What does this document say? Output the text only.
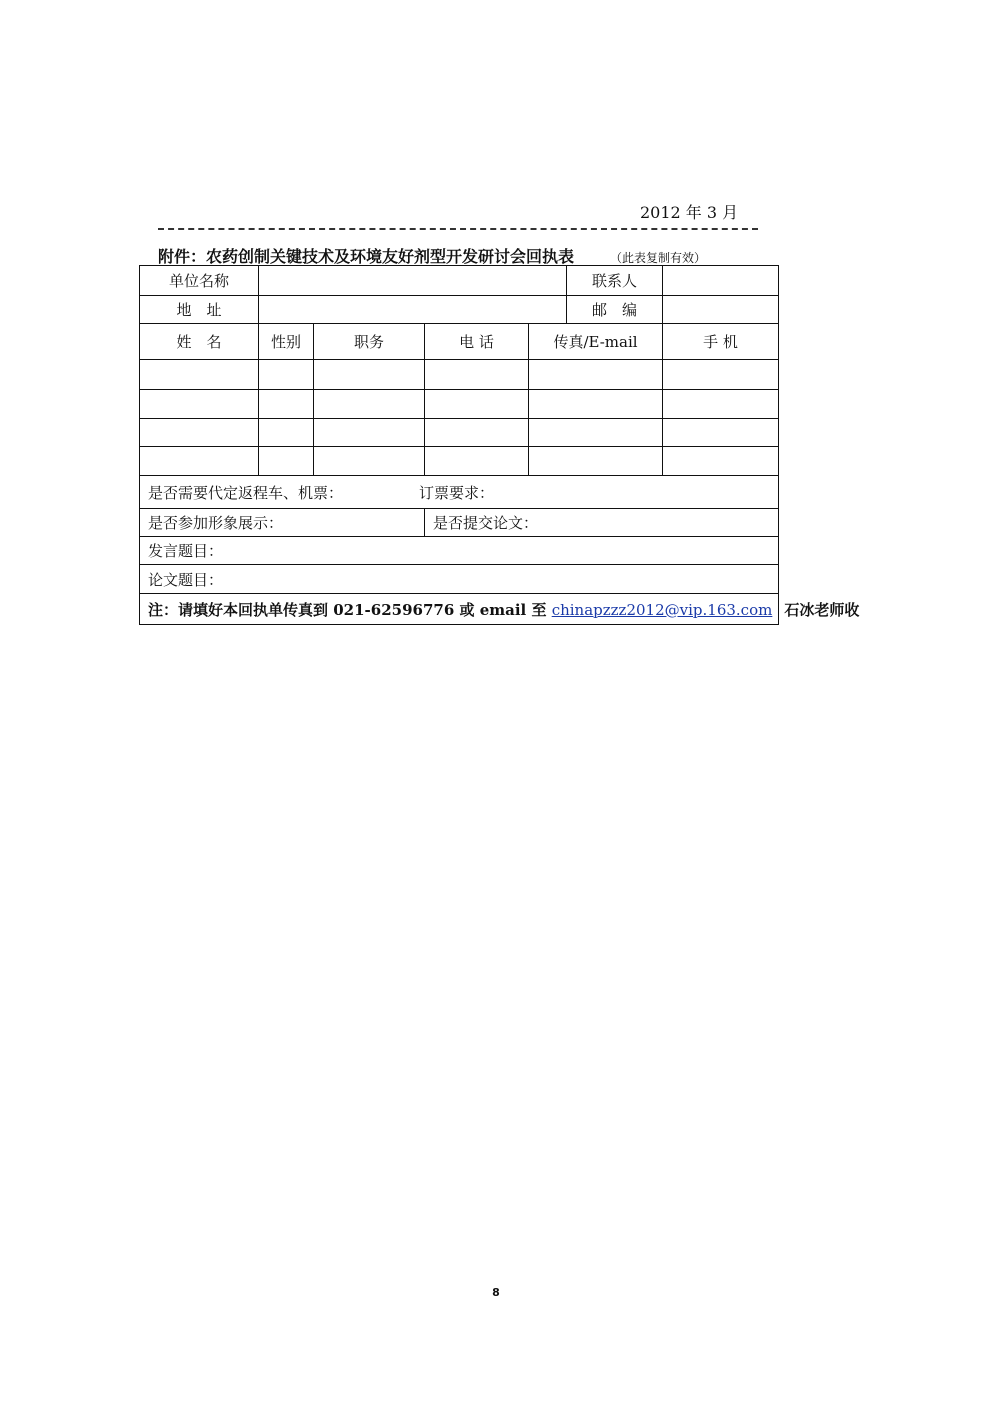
2012 年 3 月
附件：农药创制关键技术及环境友好剂型开发研讨会回执表	（此表复制有效）
单位名称					联系人	
地　址					邮　编	
姓　名	性别	职务	电 话	传真/E-mail		手 机

是否需要代定返程车、机票： 订票要求：						
是否参加形象展示：			是否提交论文：			
发言题目：						
论文题目：						
注：请填好本回执单传真到 021-62596776 或 email 至 chinapzzz2012@vip.163.com 石冰老师收						
8
